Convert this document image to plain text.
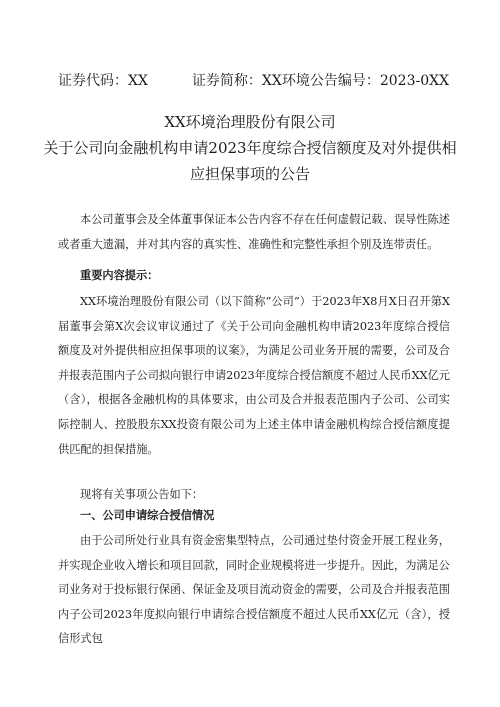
证券代码：XX	证券简称：XX环境公告编号：2023-0XX
XX环境治理股份有限公司
关于公司向金融机构申请2023年度综合授信额度及对外提供相
应担保事项的公告

本公司董事会及全体董事保证本公告内容不存在任何虚假记载、误导性陈述或者重大遗漏，并对其内容的真实性、准确性和完整性承担个别及连带责任。

重要内容提示：

XX环境治理股份有限公司（以下简称“公司”）于2023年X8月X日召开第X届董事会第X次会议审议通过了《关于公司向金融机构申请2023年度综合授信额度及对外提供相应担保事项的议案》，为满足公司业务开展的需要，公司及合并报表范围内子公司拟向银行申请2023年度综合授信额度不超过人民币XX亿元（含），根据各金融机构的具体要求，由公司及合并报表范围内子公司、公司实际控制人、控股股东XX投资有限公司为上述主体申请金融机构综合授信额度提供匹配的担保措施。

现将有关事项公告如下：

一、公司申请综合授信情况

由于公司所处行业具有资金密集型特点，公司通过垫付资金开展工程业务，并实现企业收入增长和项目回款，同时企业规模将进一步提升。因此，为满足公司业务对于投标银行保函、保证金及项目流动资金的需要，公司及合并报表范围内子公司2023年度拟向银行申请综合授信额度不超过人民币XX亿元（含），授信形式包
